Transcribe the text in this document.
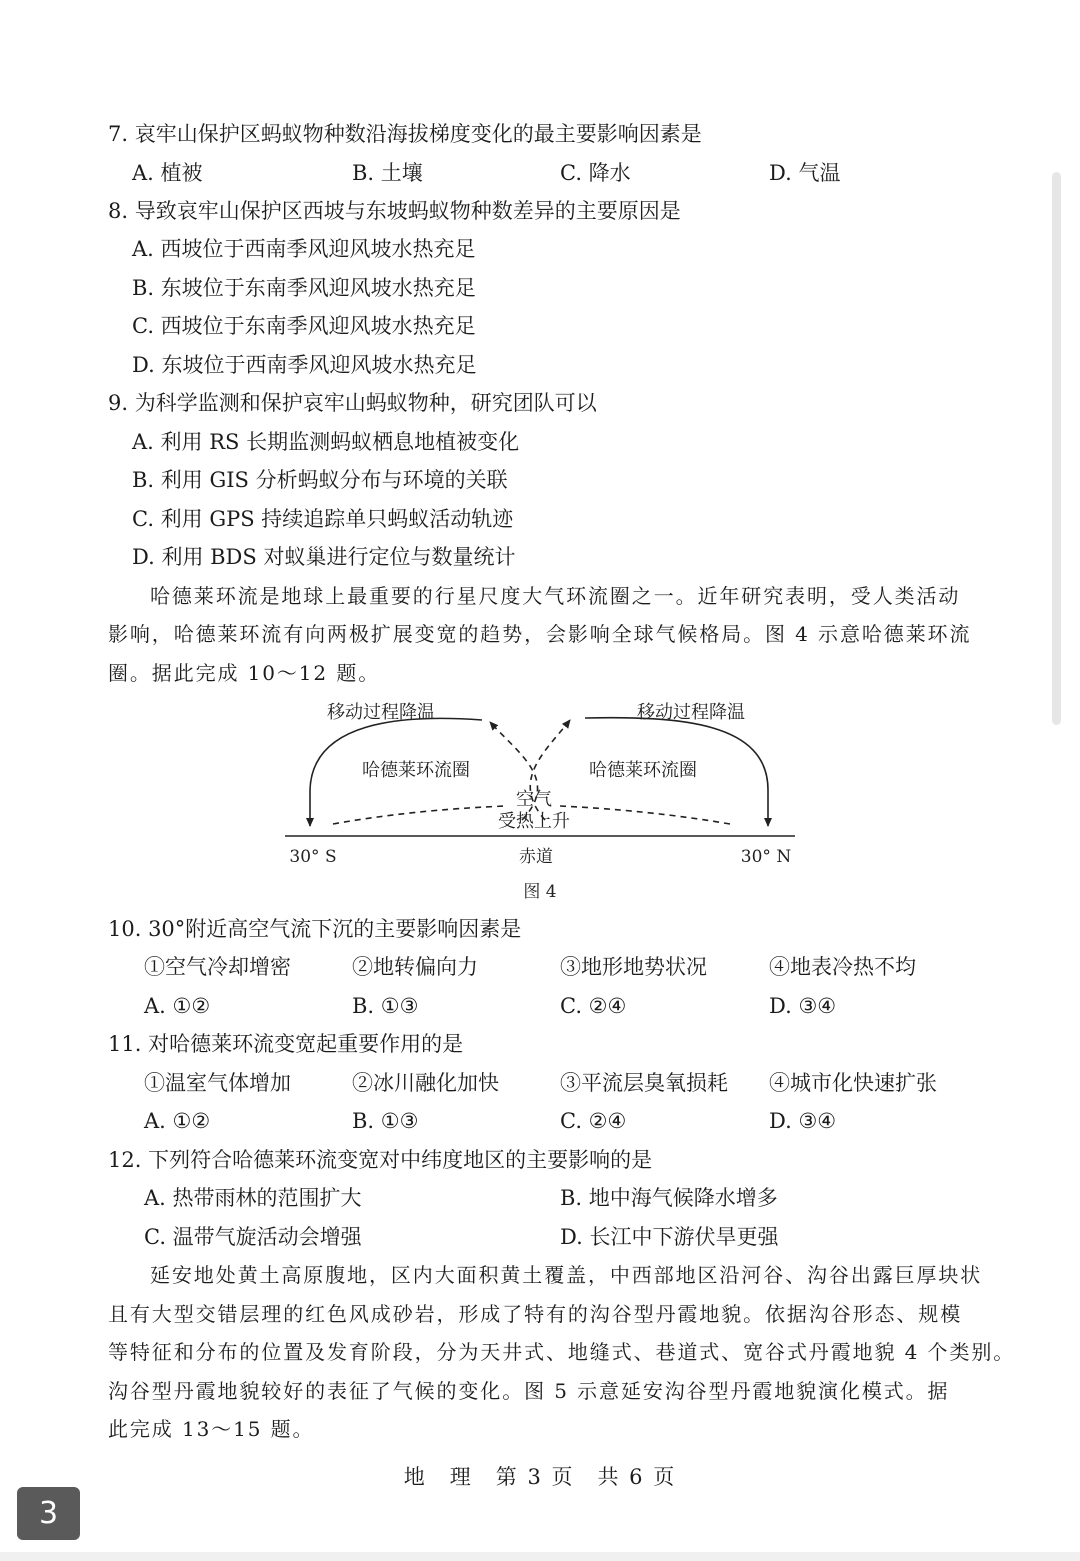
7. 哀牢山保护区蚂蚁物种数沿海拔梯度变化的最主要影响因素是
A. 植被	B. 土壤	C. 降水	D. 气温
8. 导致哀牢山保护区西坡与东坡蚂蚁物种数差异的主要原因是
A. 西坡位于西南季风迎风坡水热充足
B. 东坡位于东南季风迎风坡水热充足
C. 西坡位于东南季风迎风坡水热充足
D. 东坡位于西南季风迎风坡水热充足
9. 为科学监测和保护哀牢山蚂蚁物种，研究团队可以
A. 利用 RS 长期监测蚂蚁栖息地植被变化
B. 利用 GIS 分析蚂蚁分布与环境的关联
C. 利用 GPS 持续追踪单只蚂蚁活动轨迹
D. 利用 BDS 对蚁巢进行定位与数量统计
哈德莱环流是地球上最重要的行星尺度大气环流圈之一。近年研究表明，受人类活动
影响，哈德莱环流有向两极扩展变宽的趋势，会影响全球气候格局。图 4 示意哈德莱环流
圈。据此完成 10～12 题。
移动过程降温	移动过程降温
哈德莱环流圈	哈德莱环流圈
空气
受热上升
30° S	赤道	30° N
图 4
10. 30°附近高空气流下沉的主要影响因素是
①空气冷却增密	②地转偏向力	③地形地势状况	④地表冷热不均
A. ①②	B. ①③	C. ②④	D. ③④
11. 对哈德莱环流变宽起重要作用的是
①温室气体增加	②冰川融化加快	③平流层臭氧损耗 ④城市化快速扩张
A. ①②	B. ①③	C. ②④	D. ③④
12. 下列符合哈德莱环流变宽对中纬度地区的主要影响的是
A. 热带雨林的范围扩大	B. 地中海气候降水增多
C. 温带气旋活动会增强	D. 长江中下游伏旱更强
延安地处黄土高原腹地，区内大面积黄土覆盖，中西部地区沿河谷、沟谷出露巨厚块状
且有大型交错层理的红色风成砂岩，形成了特有的沟谷型丹霞地貌。依据沟谷形态、规模
等特征和分布的位置及发育阶段，分为天井式、地缝式、巷道式、宽谷式丹霞地貌 4 个类别。
沟谷型丹霞地貌较好的表征了气候的变化。图 5 示意延安沟谷型丹霞地貌演化模式。据
此完成 13～15 题。
地　理　第 3 页　共 6 页
3
